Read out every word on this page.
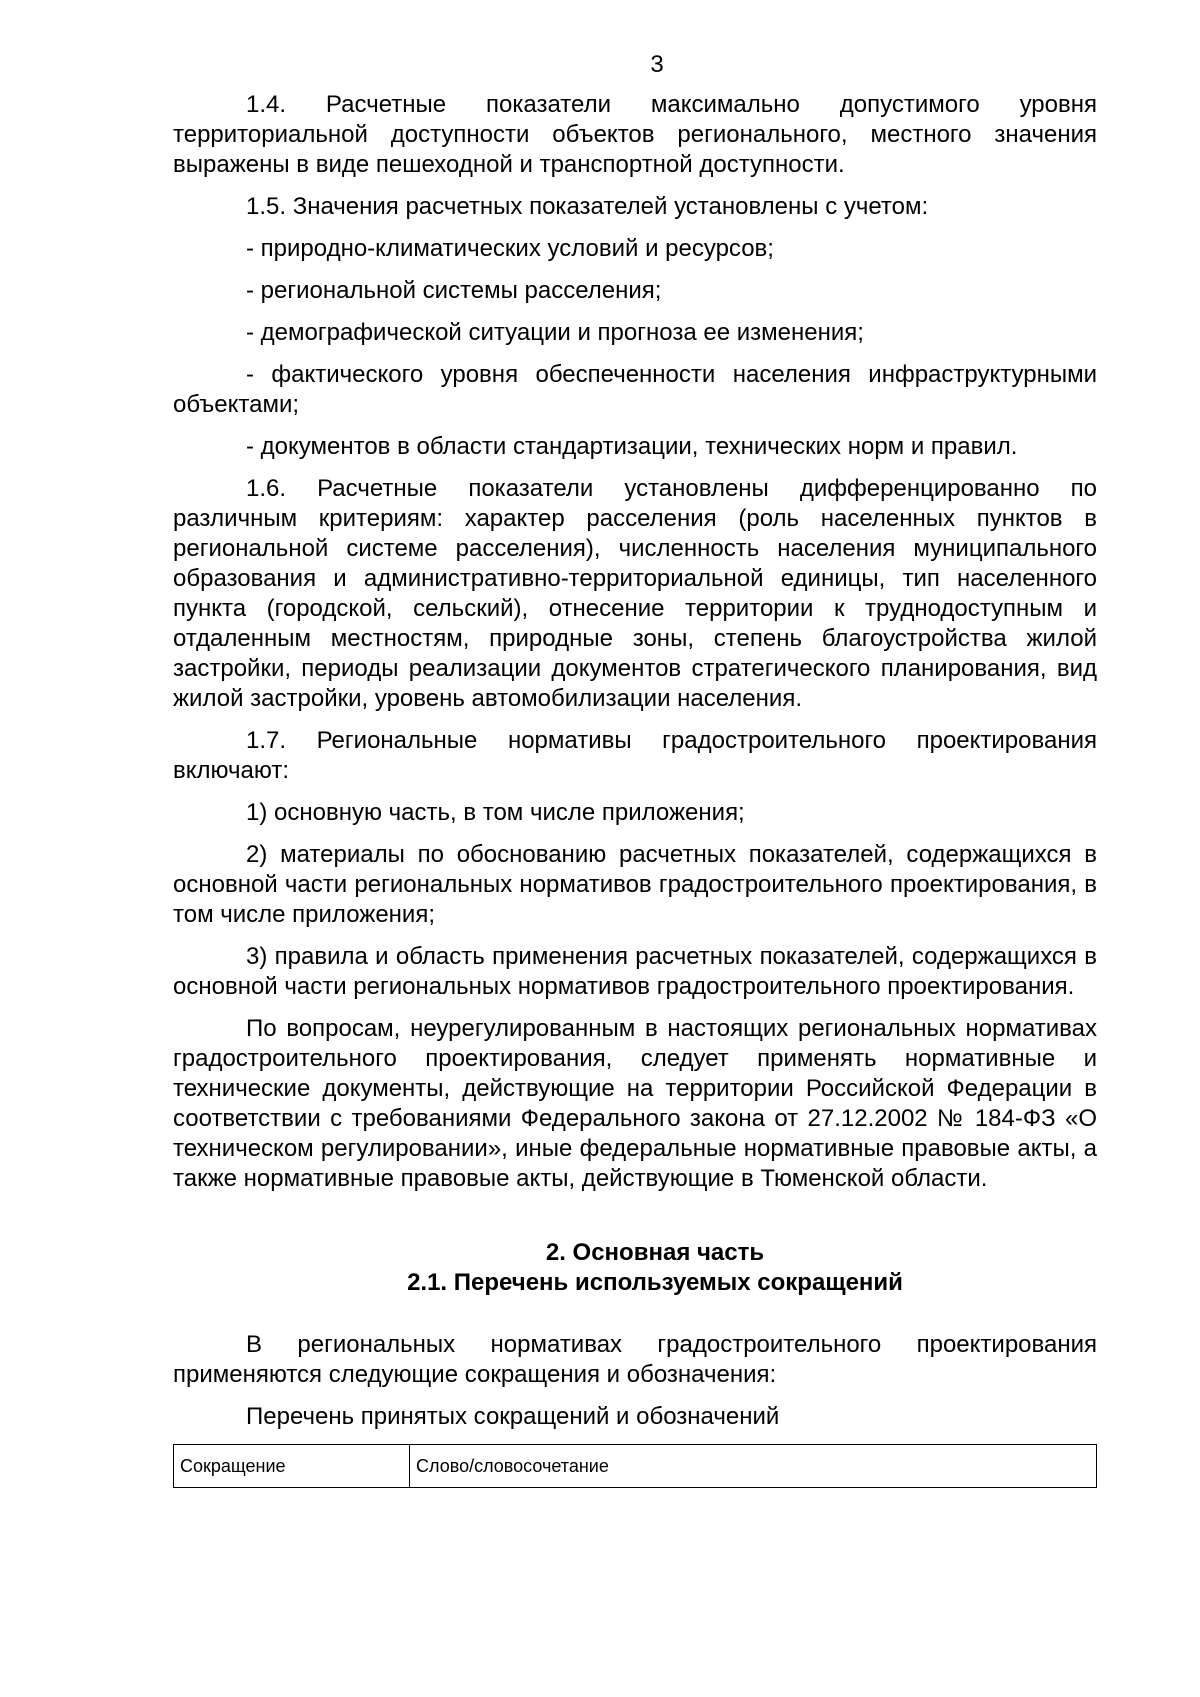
3

1.4. Расчетные показатели максимально допустимого уровня территориальной доступности объектов регионального, местного значения выражены в виде пешеходной и транспортной доступности.

1.5. Значения расчетных показателей установлены с учетом:

- природно-климатических условий и ресурсов;

- региональной системы расселения;

- демографической ситуации и прогноза ее изменения;

- фактического уровня обеспеченности населения инфраструктурными объектами;

- документов в области стандартизации, технических норм и правил.

1.6. Расчетные показатели установлены дифференцированно по различным критериям: характер расселения (роль населенных пунктов в региональной системе расселения), численность населения муниципального образования и административно-территориальной единицы, тип населенного пункта (городской, сельский), отнесение территории к труднодоступным и отдаленным местностям, природные зоны, степень благоустройства жилой застройки, периоды реализации документов стратегического планирования, вид жилой застройки, уровень автомобилизации населения.

1.7. Региональные нормативы градостроительного проектирования включают:

1) основную часть, в том числе приложения;

2) материалы по обоснованию расчетных показателей, содержащихся в основной части региональных нормативов градостроительного проектирования, в том числе приложения;

3) правила и область применения расчетных показателей, содержащихся в основной части региональных нормативов градостроительного проектирования.

По вопросам, неурегулированным в настоящих региональных нормативах градостроительного проектирования, следует применять нормативные и технические документы, действующие на территории Российской Федерации в соответствии с требованиями Федерального закона от 27.12.2002 № 184-ФЗ «О техническом регулировании», иные федеральные нормативные правовые акты, а также нормативные правовые акты, действующие в Тюменской области.

2. Основная часть
2.1. Перечень используемых сокращений

В региональных нормативах градостроительного проектирования применяются следующие сокращения и обозначения:

Перечень принятых сокращений и обозначений

Сокращение	Слово/словосочетание
